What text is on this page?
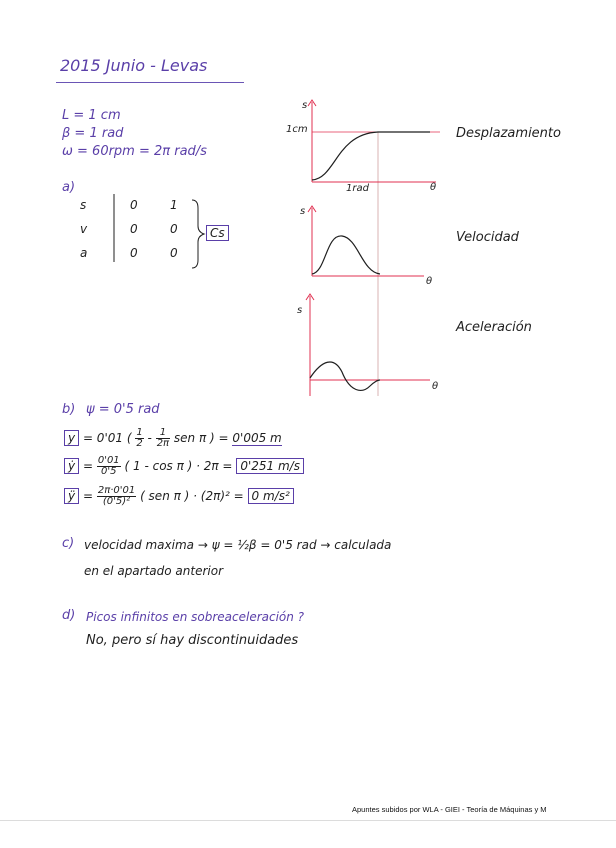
2015 Junio - Levas
L = 1 cm
β = 1 rad
ω = 60rpm = 2π rad/s
a)
s	0	1
v	0	0
a	0	0
Cs
s
1cm
1rad	θ
Desplazamiento
s
θ
Velocidad
s
θ
Aceleración
b) ψ = 0'5 rad
y = 0'01 ( $\frac{1}{2} - \frac{1}{2\pi}$ sen π ) = 0'005 m
ẏ = $\frac{0'01}{0'5}$ ( 1 - cos π ) · 2π = 0'251 m/s
ÿ = $\frac{2\pi\cdot 0'01}{\text{(0'5)²}}$ ( sen π ) · (2π)² = 0 m/s²
c) velocidad maxima → ψ = ½β = 0'5 rad → calculada
en el apartado anterior
d) Picos infinitos en sobreaceleración ?
No, pero sí hay discontinuidades
Apuntes subidos por WLA - GIEI - Teoría de Máquinas y M
